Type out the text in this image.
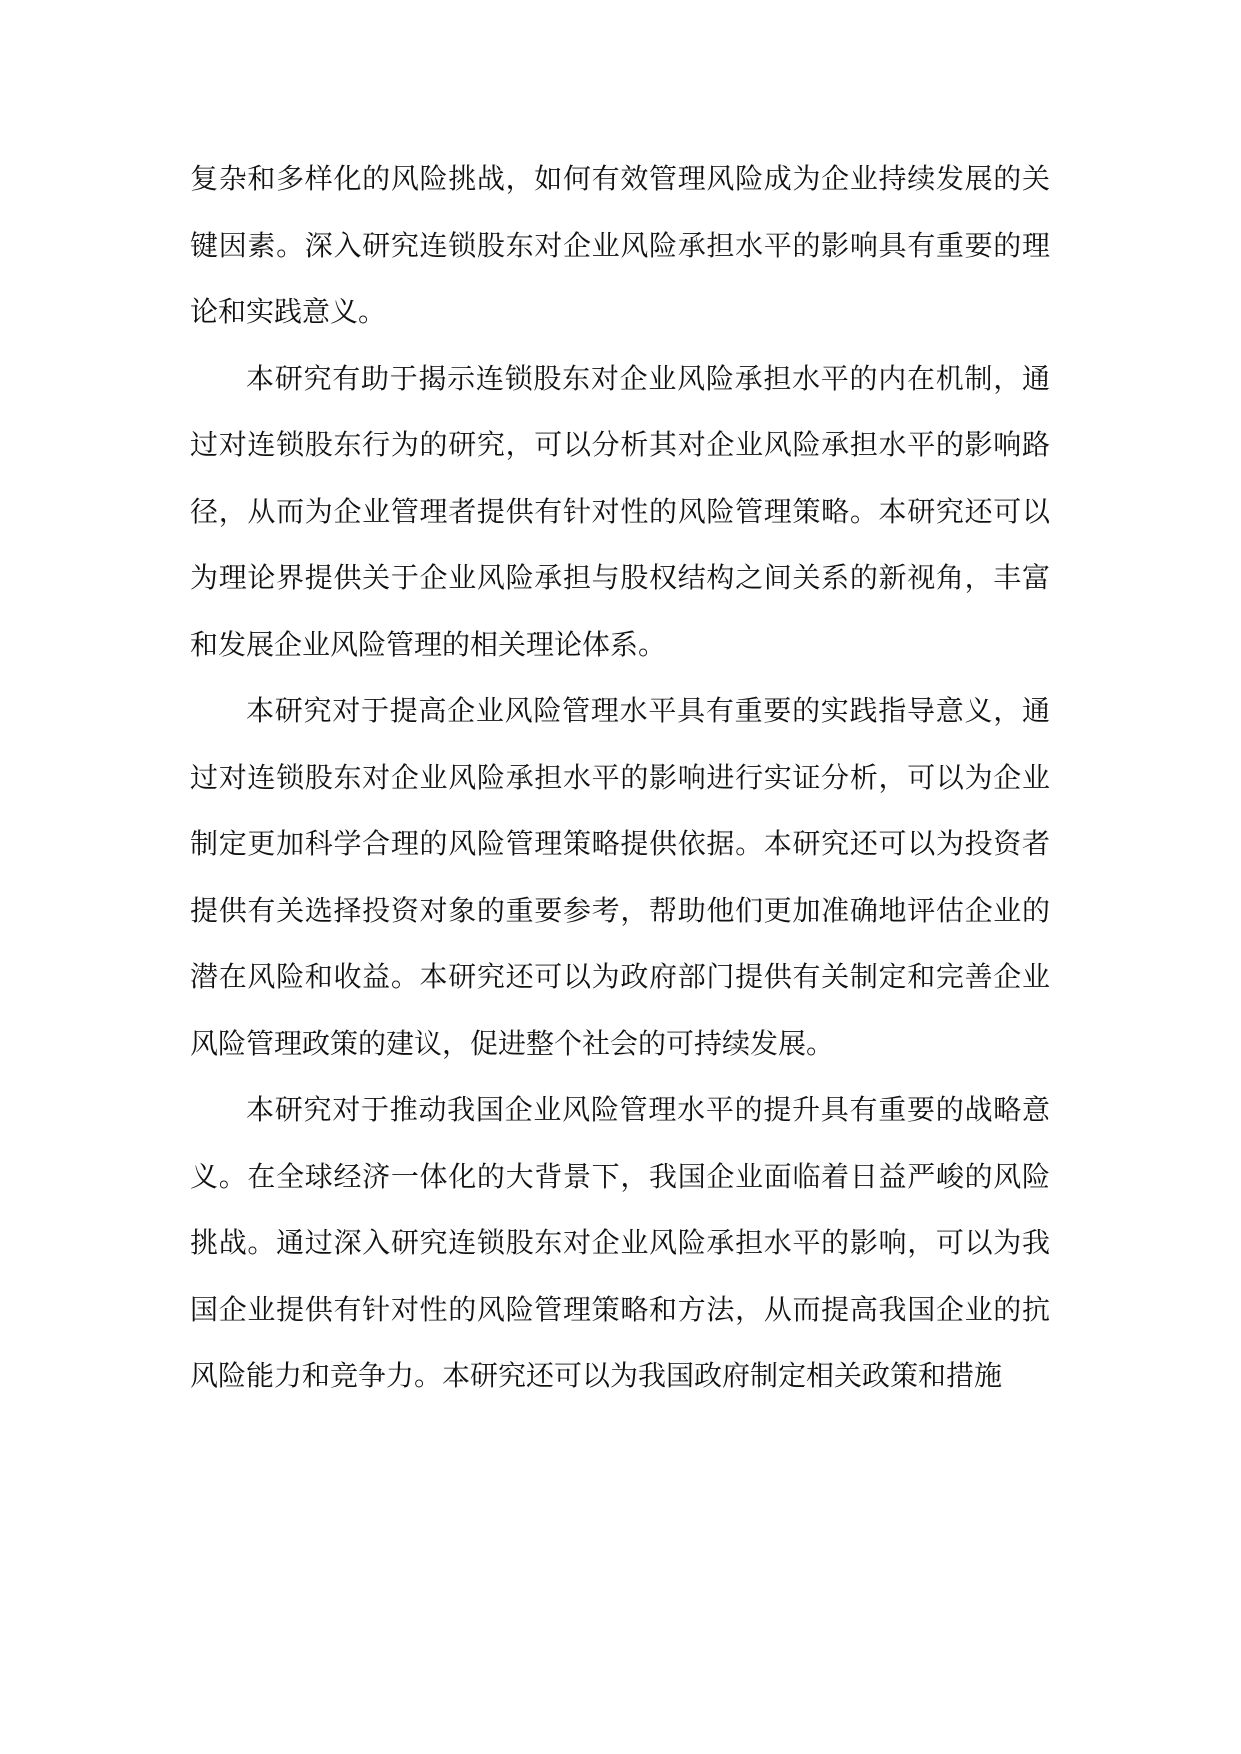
复杂和多样化的风险挑战，如何有效管理风险成为企业持续发展的关键因素。深入研究连锁股东对企业风险承担水平的影响具有重要的理论和实践意义。

本研究有助于揭示连锁股东对企业风险承担水平的内在机制，通过对连锁股东行为的研究，可以分析其对企业风险承担水平的影响路径，从而为企业管理者提供有针对性的风险管理策略。本研究还可以为理论界提供关于企业风险承担与股权结构之间关系的新视角，丰富和发展企业风险管理的相关理论体系。

本研究对于提高企业风险管理水平具有重要的实践指导意义，通过对连锁股东对企业风险承担水平的影响进行实证分析，可以为企业制定更加科学合理的风险管理策略提供依据。本研究还可以为投资者提供有关选择投资对象的重要参考，帮助他们更加准确地评估企业的潜在风险和收益。本研究还可以为政府部门提供有关制定和完善企业风险管理政策的建议，促进整个社会的可持续发展。

本研究对于推动我国企业风险管理水平的提升具有重要的战略意义。在全球经济一体化的大背景下，我国企业面临着日益严峻的风险挑战。通过深入研究连锁股东对企业风险承担水平的影响，可以为我国企业提供有针对性的风险管理策略和方法，从而提高我国企业的抗风险能力和竞争力。本研究还可以为我国政府制定相关政策和措施
